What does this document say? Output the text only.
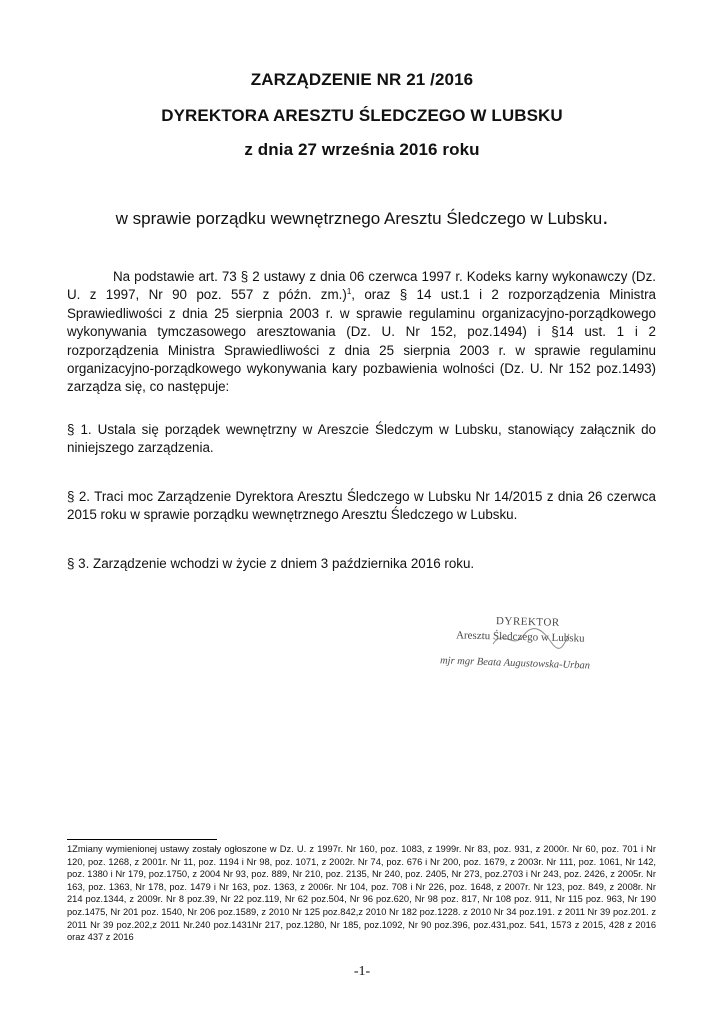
ZARZĄDZENIE NR 21 /2016
DYREKTORA ARESZTU ŚLEDCZEGO W LUBSKU
z dnia 27 września 2016 roku
w sprawie porządku wewnętrznego Aresztu Śledczego w Lubsku.
Na podstawie art. 73 § 2 ustawy z dnia 06 czerwca 1997 r. Kodeks karny wykonawczy (Dz. U. z 1997, Nr 90 poz. 557 z późn. zm.)$^1$, oraz § 14 ust.1 i 2 rozporządzenia Ministra Sprawiedliwości z dnia 25 sierpnia 2003 r. w sprawie regulaminu organizacyjno-porządkowego wykonywania tymczasowego aresztowania (Dz. U. Nr 152, poz.1494) i §14 ust. 1 i 2 rozporządzenia Ministra Sprawiedliwości z dnia 25 sierpnia 2003 r. w sprawie regulaminu organizacyjno-porządkowego wykonywania kary pozbawienia wolności (Dz. U. Nr 152 poz.1493) zarządza się, co następuje:
§ 1. Ustala się porządek wewnętrzny w Areszcie Śledczym w Lubsku, stanowiący załącznik do niniejszego zarządzenia.
§ 2. Traci moc Zarządzenie Dyrektora Aresztu Śledczego w Lubsku Nr 14/2015 z dnia 26 czerwca 2015 roku w sprawie porządku wewnętrznego Aresztu Śledczego w Lubsku.
§ 3. Zarządzenie wchodzi w życie z dniem 3 października 2016 roku.
DYREKTOR
Aresztu Śledczego w Lubsku
mjr mgr Beata Augustowska-Urban
1Zmiany wymienionej ustawy zostały ogłoszone w Dz. U. z 1997r. Nr 160, poz. 1083, z 1999r. Nr 83, poz. 931, z 2000r. Nr 60, poz. 701 i Nr 120, poz. 1268, z 2001r. Nr 11, poz. 1194 i Nr 98, poz. 1071, z 2002r. Nr 74, poz. 676 i Nr 200, poz. 1679, z 2003r. Nr 111, poz. 1061, Nr 142, poz. 1380 i Nr 179, poz.1750, z 2004 Nr 93, poz. 889, Nr 210, poz. 2135, Nr 240, poz. 2405, Nr 273, poz.2703 i Nr 243, poz. 2426, z 2005r. Nr 163, poz. 1363, Nr 178, poz. 1479 i Nr 163, poz. 1363, z 2006r. Nr 104, poz. 708 i Nr 226, poz. 1648, z 2007r. Nr 123, poz. 849, z 2008r. Nr 214 poz.1344, z 2009r. Nr 8 poz.39, Nr 22 poz.119, Nr 62 poz.504, Nr 96 poz.620, Nr 98 poz. 817, Nr 108 poz. 911, Nr 115 poz. 963, Nr 190 poz.1475, Nr 201 poz. 1540, Nr 206 poz.1589, z 2010 Nr 125 poz.842,z 2010 Nr 182 poz.1228. z 2010 Nr 34 poz.191. z 2011 Nr 39 poz.201. z 2011 Nr 39 poz.202,z 2011 Nr.240 poz.1431Nr 217, poz.1280, Nr 185, poz.1092, Nr 90 poz.396, poz.431,poz. 541, 1573 z 2015, 428 z 2016 oraz 437 z 2016
-1-
